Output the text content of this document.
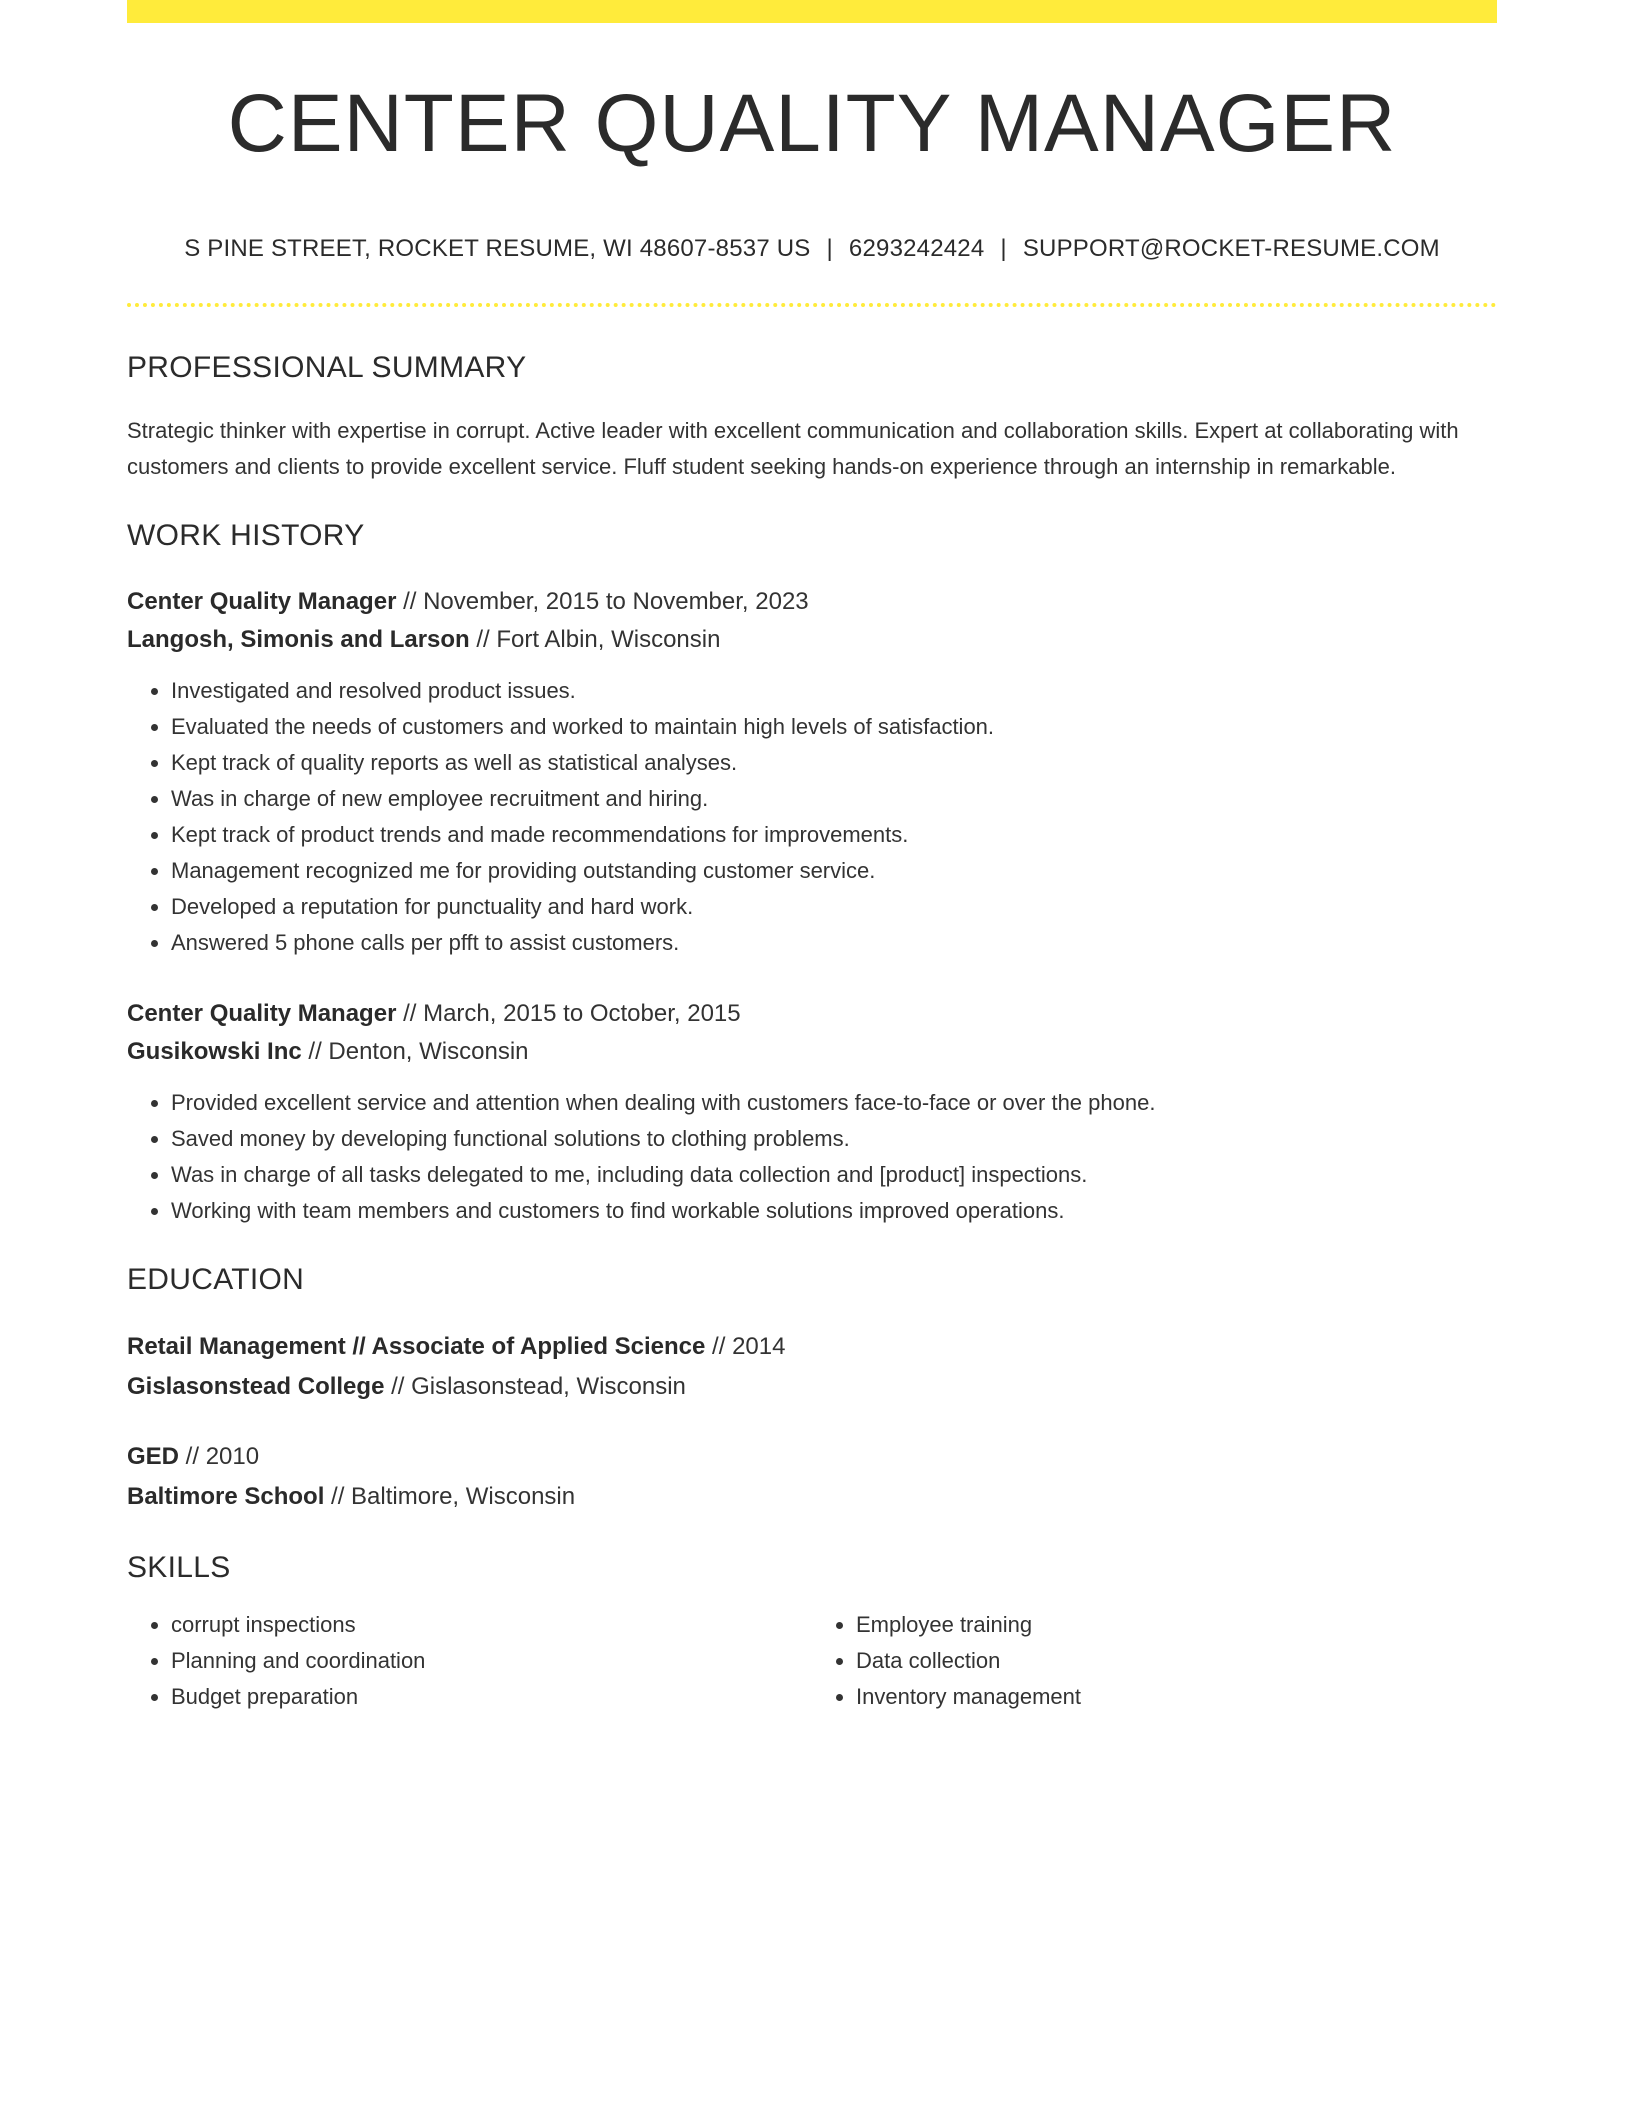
CENTER QUALITY MANAGER
S PINE STREET, ROCKET RESUME, WI 48607-8537 US | 6293242424 | SUPPORT@ROCKET-RESUME.COM
PROFESSIONAL SUMMARY

Strategic thinker with expertise in corrupt. Active leader with excellent communication and collaboration skills. Expert at collaborating with customers and clients to provide excellent service. Fluff student seeking hands-on experience through an internship in remarkable.

WORK HISTORY
Center Quality Manager // November, 2015 to November, 2023
Langosh, Simonis and Larson // Fort Albin, Wisconsin
• Investigated and resolved product issues.
• Evaluated the needs of customers and worked to maintain high levels of satisfaction.
• Kept track of quality reports as well as statistical analyses.
• Was in charge of new employee recruitment and hiring.
• Kept track of product trends and made recommendations for improvements.
• Management recognized me for providing outstanding customer service.
• Developed a reputation for punctuality and hard work.
• Answered 5 phone calls per pfft to assist customers.
Center Quality Manager // March, 2015 to October, 2015
Gusikowski Inc // Denton, Wisconsin
• Provided excellent service and attention when dealing with customers face-to-face or over the phone.
• Saved money by developing functional solutions to clothing problems.
• Was in charge of all tasks delegated to me, including data collection and [product] inspections.
• Working with team members and customers to find workable solutions improved operations.
EDUCATION
Retail Management // Associate of Applied Science // 2014
Gislasonstead College // Gislasonstead, Wisconsin
GED // 2010
Baltimore School // Baltimore, Wisconsin
SKILLS
• corrupt inspections
• Planning and coordination
• Budget preparation
• Employee training
• Data collection
• Inventory management
